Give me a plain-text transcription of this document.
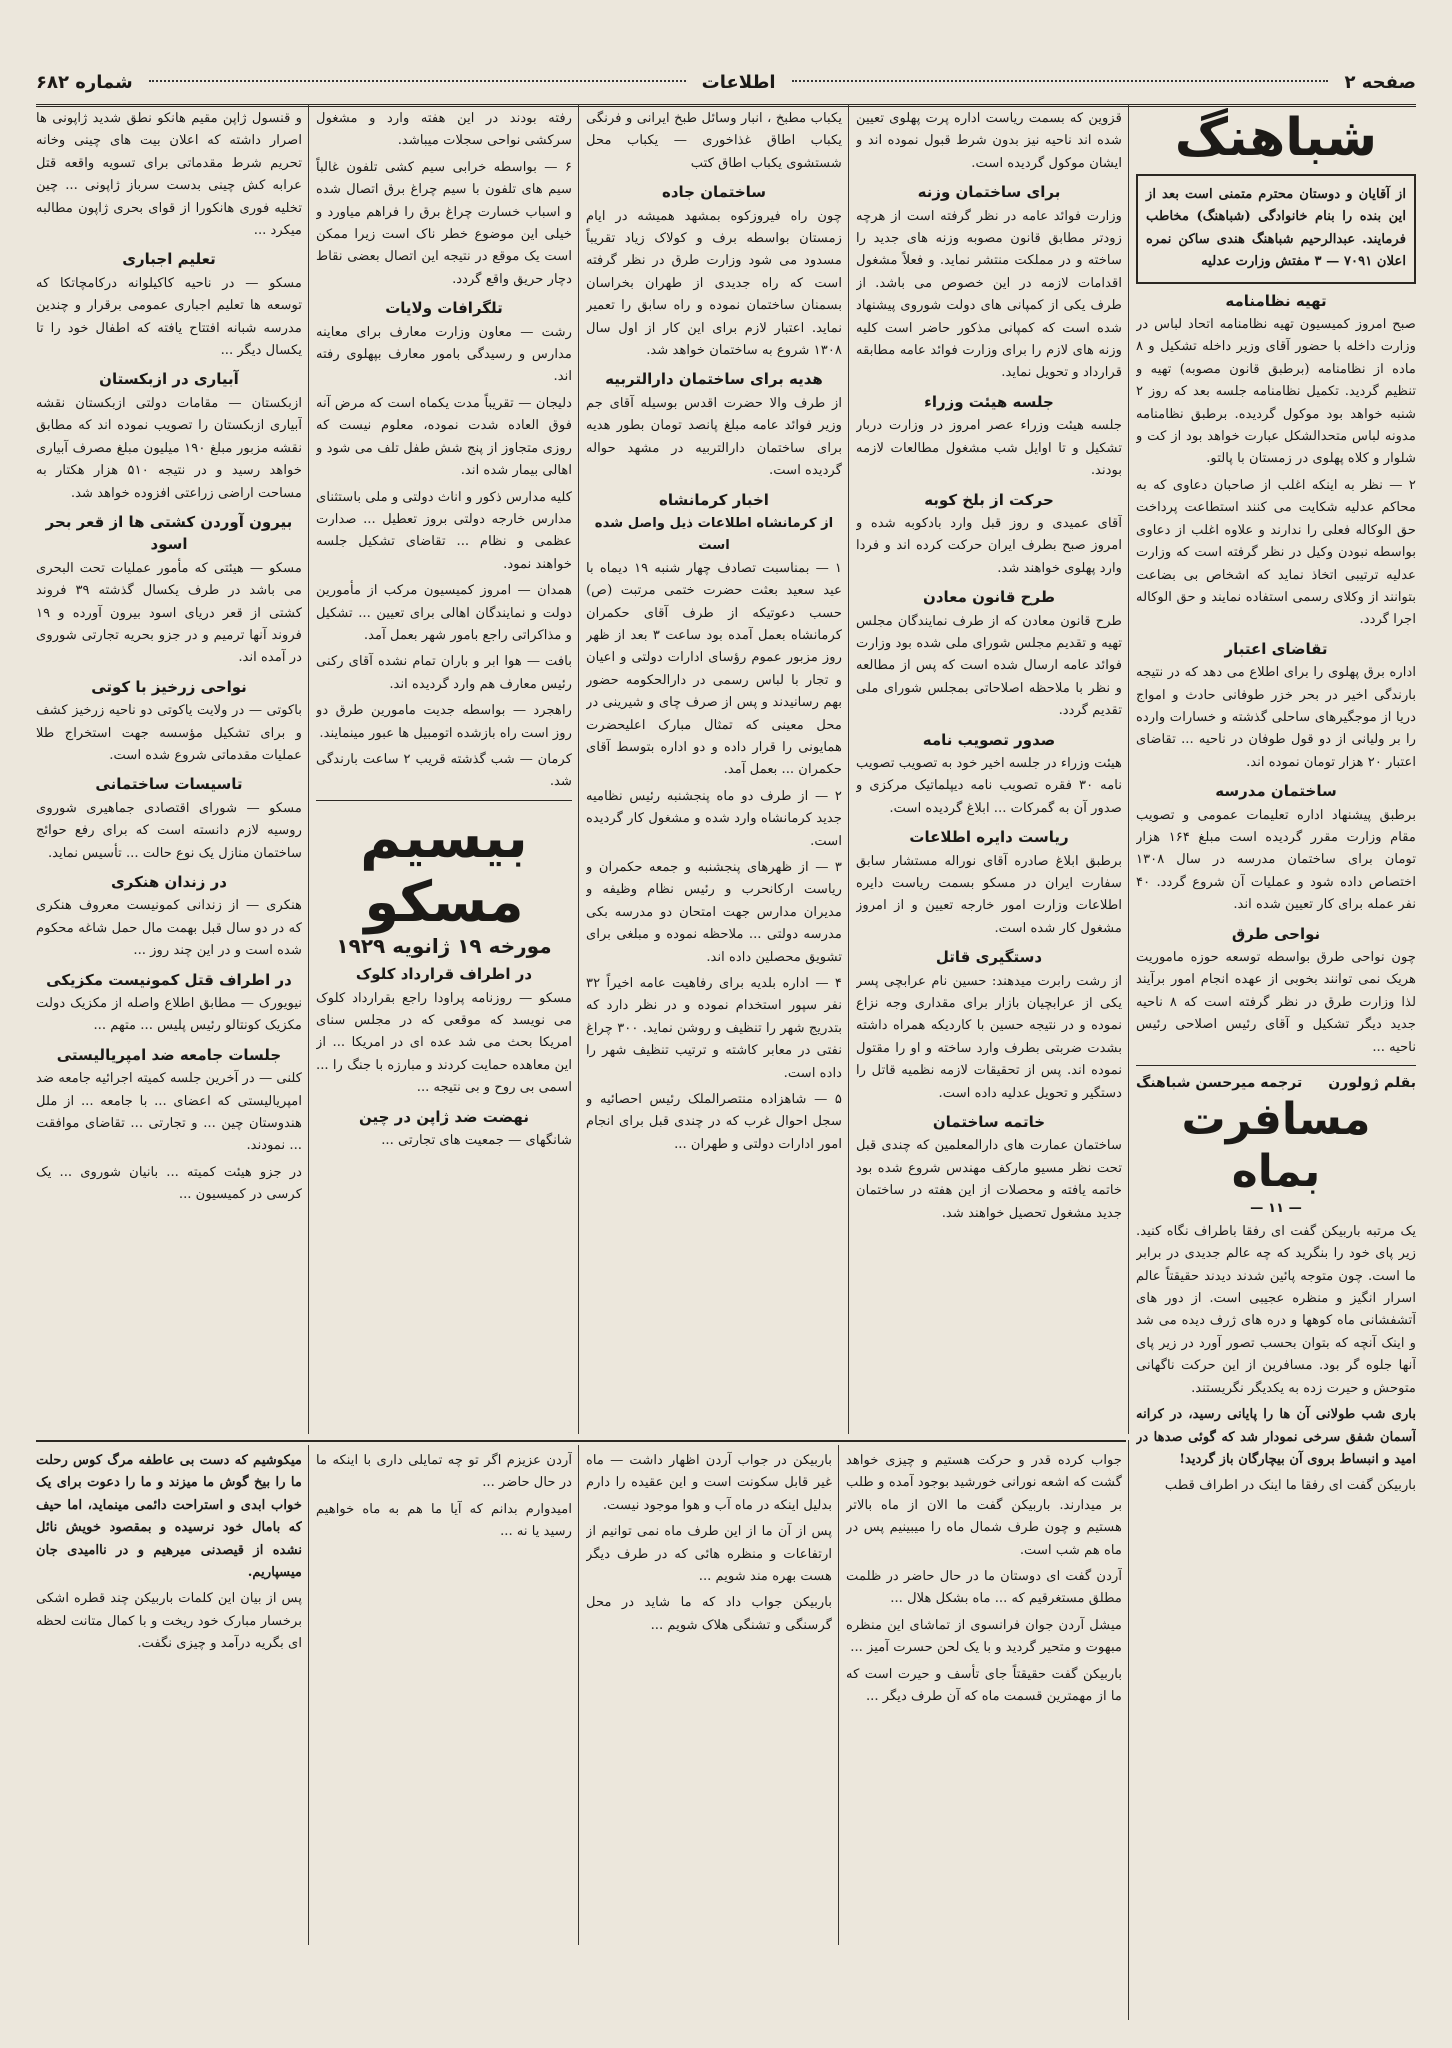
صفحه ۲
اطلاعات
شماره ۶۸۲
شباهنگ

از آقایان و دوستان محترم متمنی است بعد از این بنده را بنام خانوادگی (شباهنگ) مخاطب فرمایند. عبدالرحیم شباهنگ هندی ساکن نمره اعلان ۷۰۹۱ — ۳ مفتش وزارت عدلیه

تهیه نظامنامه

صبح امروز کمیسیون تهیه نظامنامه اتحاد لباس در وزارت داخله با حضور آقای وزیر داخله تشکیل و ۸ ماده از نظامنامه (برطبق قانون مصوبه) تهیه و تنظیم گردید. تکمیل نظامنامه جلسه بعد که روز ۲ شنبه خواهد بود موکول گردیده. برطبق نظامنامه مدونه لباس متحدالشکل عبارت خواهد بود از کت و شلوار و کلاه پهلوی در زمستان با پالتو.

۲ — نظر به اینکه اغلب از صاحبان دعاوی که به محاکم عدلیه شکایت می کنند استطاعت پرداخت حق الوکاله فعلی را ندارند و علاوه اغلب از دعاوی بواسطه نبودن وکیل در نظر گرفته است که وزارت عدلیه ترتیبی اتخاذ نماید که اشخاص بی بضاعت بتوانند از وکلای رسمی استفاده نمایند و حق الوکاله اجرا گردد.

تقاضای اعتبار

اداره برق پهلوی را برای اطلاع می دهد که در نتیجه بارندگی اخیر در بحر خزر طوفانی حادث و امواج دریا از موجگیرهای ساحلی گذشته و خسارات وارده را بر ولیانی از دو قول طوفان در ناحیه ... تقاضای اعتبار ۲۰ هزار تومان نموده اند.

ساختمان مدرسه

برطبق پیشنهاد اداره تعلیمات عمومی و تصویب مقام وزارت مقرر گردیده است مبلغ ۱۶۴ هزار تومان برای ساختمان مدرسه در سال ۱۳۰۸ اختصاص داده شود و عملیات آن شروع گردد. ۴۰ نفر عمله برای کار تعیین شده اند.

نواحی طرق

چون نواحی طرق بواسطه توسعه حوزه ماموریت هریک نمی توانند بخوبی از عهده انجام امور برآیند لذا وزارت طرق در نظر گرفته است که ۸ ناحیه جدید دیگر تشکیل و آقای رئیس اصلاحی رئیس ناحیه ...

بقلم ژولورن
ترجمه میرحسن شباهنگ
مسافرت بماه
— ۱۱ —

یک مرتبه باربیکن گفت ای رفقا باطراف نگاه کنید. زیر پای خود را بنگرید که چه عالم جدیدی در برابر ما است. چون متوجه پائین شدند دیدند حقیقتاً عالم اسرار انگیز و منظره عجیبی است. از دور های آتشفشانی ماه کوهها و دره های ژرف دیده می شد و اینک آنچه که بتوان بحسب تصور آورد در زیر پای آنها جلوه گر بود. مسافرین از این حرکت ناگهانی متوحش و حیرت زده به یکدیگر نگریستند.

باری شب طولانی آن ها را پایانی رسید، در کرانه آسمان شفق سرخی نمودار شد که گوئی صدها در امید و انبساط بروی آن بیچارگان باز گردید!

باربیکن گفت ای رفقا ما اینک در اطراف قطب

قزوین که بسمت ریاست اداره پرت پهلوی تعیین شده اند ناحیه نیز بدون شرط قبول نموده اند و ایشان موکول گردیده است.

برای ساختمان وزنه

وزارت فوائد عامه در نظر گرفته است از هرچه زودتر مطابق قانون مصوبه وزنه های جدید را ساخته و در مملکت منتشر نماید. و فعلاً مشغول اقدامات لازمه در این خصوص می باشد. از طرف یکی از کمپانی های دولت شوروی پیشنهاد شده است که کمپانی مذکور حاضر است کلیه وزنه های لازم را برای وزارت فوائد عامه مطابقه قرارداد و تحویل نماید.

جلسه هیئت وزراء

جلسه هیئت وزراء عصر امروز در وزارت دربار تشکیل و تا اوایل شب مشغول مطالعات لازمه بودند.

حرکت از بلخ کوبه

آقای عمیدی و روز قبل وارد بادکوبه شده و امروز صبح بطرف ایران حرکت کرده اند و فردا وارد پهلوی خواهند شد.

طرح قانون معادن

طرح قانون معادن که از طرف نمایندگان مجلس تهیه و تقدیم مجلس شورای ملی شده بود وزارت فوائد عامه ارسال شده است که پس از مطالعه و نظر با ملاحظه اصلاحاتی بمجلس شورای ملی تقدیم گردد.

صدور تصویب نامه

هیئت وزراء در جلسه اخیر خود به تصویب تصویب نامه ۳۰ فقره تصویب نامه دیپلماتیک مرکزی و صدور آن به گمرکات ... ابلاغ گردیده است.

ریاست دایره اطلاعات

برطبق ابلاغ صادره آقای نوراله مستشار سابق سفارت ایران در مسکو بسمت ریاست دایره اطلاعات وزارت امور خارجه تعیین و از امروز مشغول کار شده است.

دستگیری قاتل

از رشت رابرت میدهند: حسین نام عرابچی پسر یکی از عرابچیان بازار برای مقداری وجه نزاع نموده و در نتیجه حسین با کاردیکه همراه داشته بشدت ضربتی بطرف وارد ساخته و او را مقتول نموده اند. پس از تحقیقات لازمه نظمیه قاتل را دستگیر و تحویل عدلیه داده است.

خاتمه ساختمان

ساختمان عمارت های دارالمعلمین که چندی قبل تحت نظر مسیو مارکف مهندس شروع شده بود خاتمه یافته و محصلات از این هفته در ساختمان جدید مشغول تحصیل خواهند شد.

یکباب مطبخ ، انبار وسائل طبخ ایرانی و فرنگی یکباب اطاق غذاخوری — یکباب محل شستشوی یکباب اطاق کتب

ساختمان جاده

چون راه فیروزکوه بمشهد همیشه در ایام زمستان بواسطه برف و کولاک زیاد تقریباً مسدود می شود وزارت طرق در نظر گرفته است که راه جدیدی از طهران بخراسان بسمنان ساختمان نموده و راه سابق را تعمیر نماید. اعتبار لازم برای این کار از اول سال ۱۳۰۸ شروع به ساختمان خواهد شد.

هدیه برای ساختمان دارالتربیه

از طرف والا حضرت اقدس بوسیله آقای جم وزیر فوائد عامه مبلغ پانصد تومان بطور هدیه برای ساختمان دارالتربیه در مشهد حواله گردیده است.

اخبار کرمانشاه
از کرمانشاه اطلاعات ذیل واصل شده است

۱ — بمناسبت تصادف چهار شنبه ۱۹ دیماه با عید سعید بعثت حضرت ختمی مرتبت (ص) حسب دعوتیکه از طرف آقای حکمران کرمانشاه بعمل آمده بود ساعت ۳ بعد از ظهر روز مزبور عموم رؤسای ادارات دولتی و اعیان و تجار با لباس رسمی در دارالحکومه حضور بهم رسانیدند و پس از صرف چای و شیرینی در محل معینی که تمثال مبارک اعلیحضرت همایونی را قرار داده و دو اداره بتوسط آقای حکمران ... بعمل آمد.

۲ — از طرف دو ماه پنجشنبه رئیس نظامیه جدید کرمانشاه وارد شده و مشغول کار گردیده است.

۳ — از ظهرهای پنجشنبه و جمعه حکمران و ریاست ارکانحرب و رئیس نظام وظیفه و مدیران مدارس جهت امتحان دو مدرسه بکی مدرسه دولتی ... ملاحظه نموده و مبلغی برای تشویق محصلین داده اند.

۴ — اداره بلدیه برای رفاهیت عامه اخیراً ۳۲ نفر سپور استخدام نموده و در نظر دارد که بتدریج شهر را تنظیف و روشن نماید. ۳۰۰ چراغ نفتی در معابر کاشته و ترتیب تنظیف شهر را داده است.

۵ — شاهزاده منتصرالملک رئیس احصائیه و سجل احوال غرب که در چندی قبل برای انجام امور ادارات دولتی و طهران ...

رفته بودند در این هفته وارد و مشغول سرکشی نواحی سجلات میباشد.

۶ — بواسطه خرابی سیم کشی تلفون غالباً سیم های تلفون با سیم چراغ برق اتصال شده و اسباب خسارت چراغ برق را فراهم میاورد و خیلی این موضوع خطر ناک است زیرا ممکن است یک موقع در نتیجه این اتصال بعضی نقاط دچار حریق واقع گردد.

تلگرافات ولایات

رشت — معاون وزارت معارف برای معاینه مدارس و رسیدگی بامور معارف بپهلوی رفته اند.

دلیجان — تقریباً مدت یکماه است که مرض آنه فوق العاده شدت نموده، معلوم نیست که روزی متجاوز از پنج شش طفل تلف می شود و اهالی بیمار شده اند.

کلیه مدارس ذکور و اناث دولتی و ملی باستثنای مدارس خارجه دولتی بروز تعطیل ... صدارت عظمی و نظام ... تقاضای تشکیل جلسه خواهند نمود.

همدان — امروز کمیسیون مرکب از مأمورین دولت و نمایندگان اهالی برای تعیین ... تشکیل و مذاکراتی راجع بامور شهر بعمل آمد.

بافت — هوا ابر و باران تمام نشده آقای رکنی رئیس معارف هم وارد گردیده اند.

راهجرد — بواسطه جدیت مامورین طرق دو روز است راه بازشده اتومبیل ها عبور مینمایند.

کرمان — شب گذشته قریب ۲ ساعت بارندگی شد.

بیسیم مسکو
مورخه ۱۹ ژانویه ۱۹۲۹
در اطراف قرارداد کلوک

مسکو — روزنامه پراودا راجع بقرارداد کلوک می نویسد که موقعی که در مجلس سنای امریکا بحث می شد عده ای در امریکا ... از این معاهده حمایت کردند و مبارزه با جنگ را ... اسمی بی روح و بی نتیجه ...

نهضت ضد ژاپن در چین

شانگهای — جمعیت های تجارتی ...

و قنسول ژاپن مقیم هانکو نطق شدید ژاپونی ها اصرار داشته که اعلان بیت های چینی وخانه تحریم شرط مقدماتی برای تسویه واقعه قتل عرابه کش چینی بدست سرباز ژاپونی ... چین تخلیه فوری هانکورا از قوای بحری ژاپون مطالبه میکرد ...

تعلیم اجباری

مسکو — در ناحیه کاکیلوانه درکامچاتکا که توسعه ها تعلیم اجباری عمومی برقرار و چندین مدرسه شبانه افتتاح یافته که اطفال خود را تا یکسال دیگر ...

آبیاری در ازبکستان

ازبکستان — مقامات دولتی ازبکستان نقشه آبیاری ازبکستان را تصویب نموده اند که مطابق نقشه مزبور مبلغ ۱۹۰ میلیون مبلغ مصرف آبیاری خواهد رسید و در نتیجه ۵۱۰ هزار هکتار به مساحت اراضی زراعتی افزوده خواهد شد.

بیرون آوردن کشتی ها از قعر بحر اسود

مسکو — هیئتی که مأمور عملیات تحت البحری می باشد در طرف یکسال گذشته ۳۹ فروند کشتی از قعر دریای اسود بیرون آورده و ۱۹ فروند آنها ترمیم و در جزو بحریه تجارتی شوروی در آمده اند.

نواحی زرخیز با کوتی

باکوتی — در ولایت یاکوتی دو ناحیه زرخیز کشف و برای تشکیل مؤسسه جهت استخراج طلا عملیات مقدماتی شروع شده است.

تاسیسات ساختمانی

مسکو — شورای اقتصادی جماهیری شوروی روسیه لازم دانسته است که برای رفع حوائج ساختمان منازل یک نوع حالت ... تأسیس نماید.

در زندان هنکری

هنکری — از زندانی کمونیست معروف هنکری که در دو سال قبل بهمت مال حمل شاغه محکوم شده است و در این چند روز ...

در اطراف قتل کمونیست مکزیکی

نیویورک — مطابق اطلاع واصله از مکزیک دولت مکزیک کونتالو رئیس پلیس ... متهم ...

جلسات جامعه ضد امپریالیستی

کلنی — در آخرین جلسه کمیته اجرائیه جامعه ضد امپریالیستی که اعضای ... با جامعه ... از ملل هندوستان چین ... و تجارتی ... تقاضای موافقت ... نمودند.

در جزو هیئت کمیته ... بانیان شوروی ... یک کرسی در کمیسیون ...

جواب کرده قدر و حرکت هستیم و چیزی خواهد گشت که اشعه نورانی خورشید بوجود آمده و طلب بر میدارند. باربیکن گفت ما الان از ماه بالاتر هستیم و چون طرف شمال ماه را میبینیم پس در ماه هم شب است.

آردن گفت ای دوستان ما در حال حاضر در ظلمت مطلق مستغرقیم که ... ماه بشکل هلال ...

میشل آردن جوان فرانسوی از تماشای این منظره مبهوت و متحیر گردید و با یک لحن حسرت آمیز ...

باربیکن گفت حقیقتاً جای تأسف و حیرت است که ما از مهمترین قسمت ماه که آن طرف دیگر ...

باربیکن در جواب آردن اظهار داشت — ماه غیر قابل سکونت است و این عقیده را دارم بدلیل اینکه در ماه آب و هوا موجود نیست.

پس از آن ما از این طرف ماه نمی توانیم از ارتفاعات و منظره هائی که در طرف دیگر هست بهره مند شویم ...

باربیکن جواب داد که ما شاید در محل گرسنگی و تشنگی هلاک شویم ...

آردن عزیزم اگر تو چه تمایلی داری با اینکه ما در حال حاضر ...

امیدوارم بدانم که آیا ما هم به ماه خواهیم رسید یا نه ...

میکوشیم که دست بی عاطفه مرگ کوس رحلت ما را بیخ گوش ما میزند و ما را دعوت برای یک خواب ابدی و استراحت دائمی مینماید، اما حیف که بامال خود نرسیده و بمقصود خویش نائل نشده از قیصدنی میرهیم و در ناامیدی جان میسپاریم.

پس از بیان این کلمات باربیکن چند قطره اشکی برخسار مبارک خود ریخت و با کمال متانت لحظه ای بگریه درآمد و چیزی نگفت.
